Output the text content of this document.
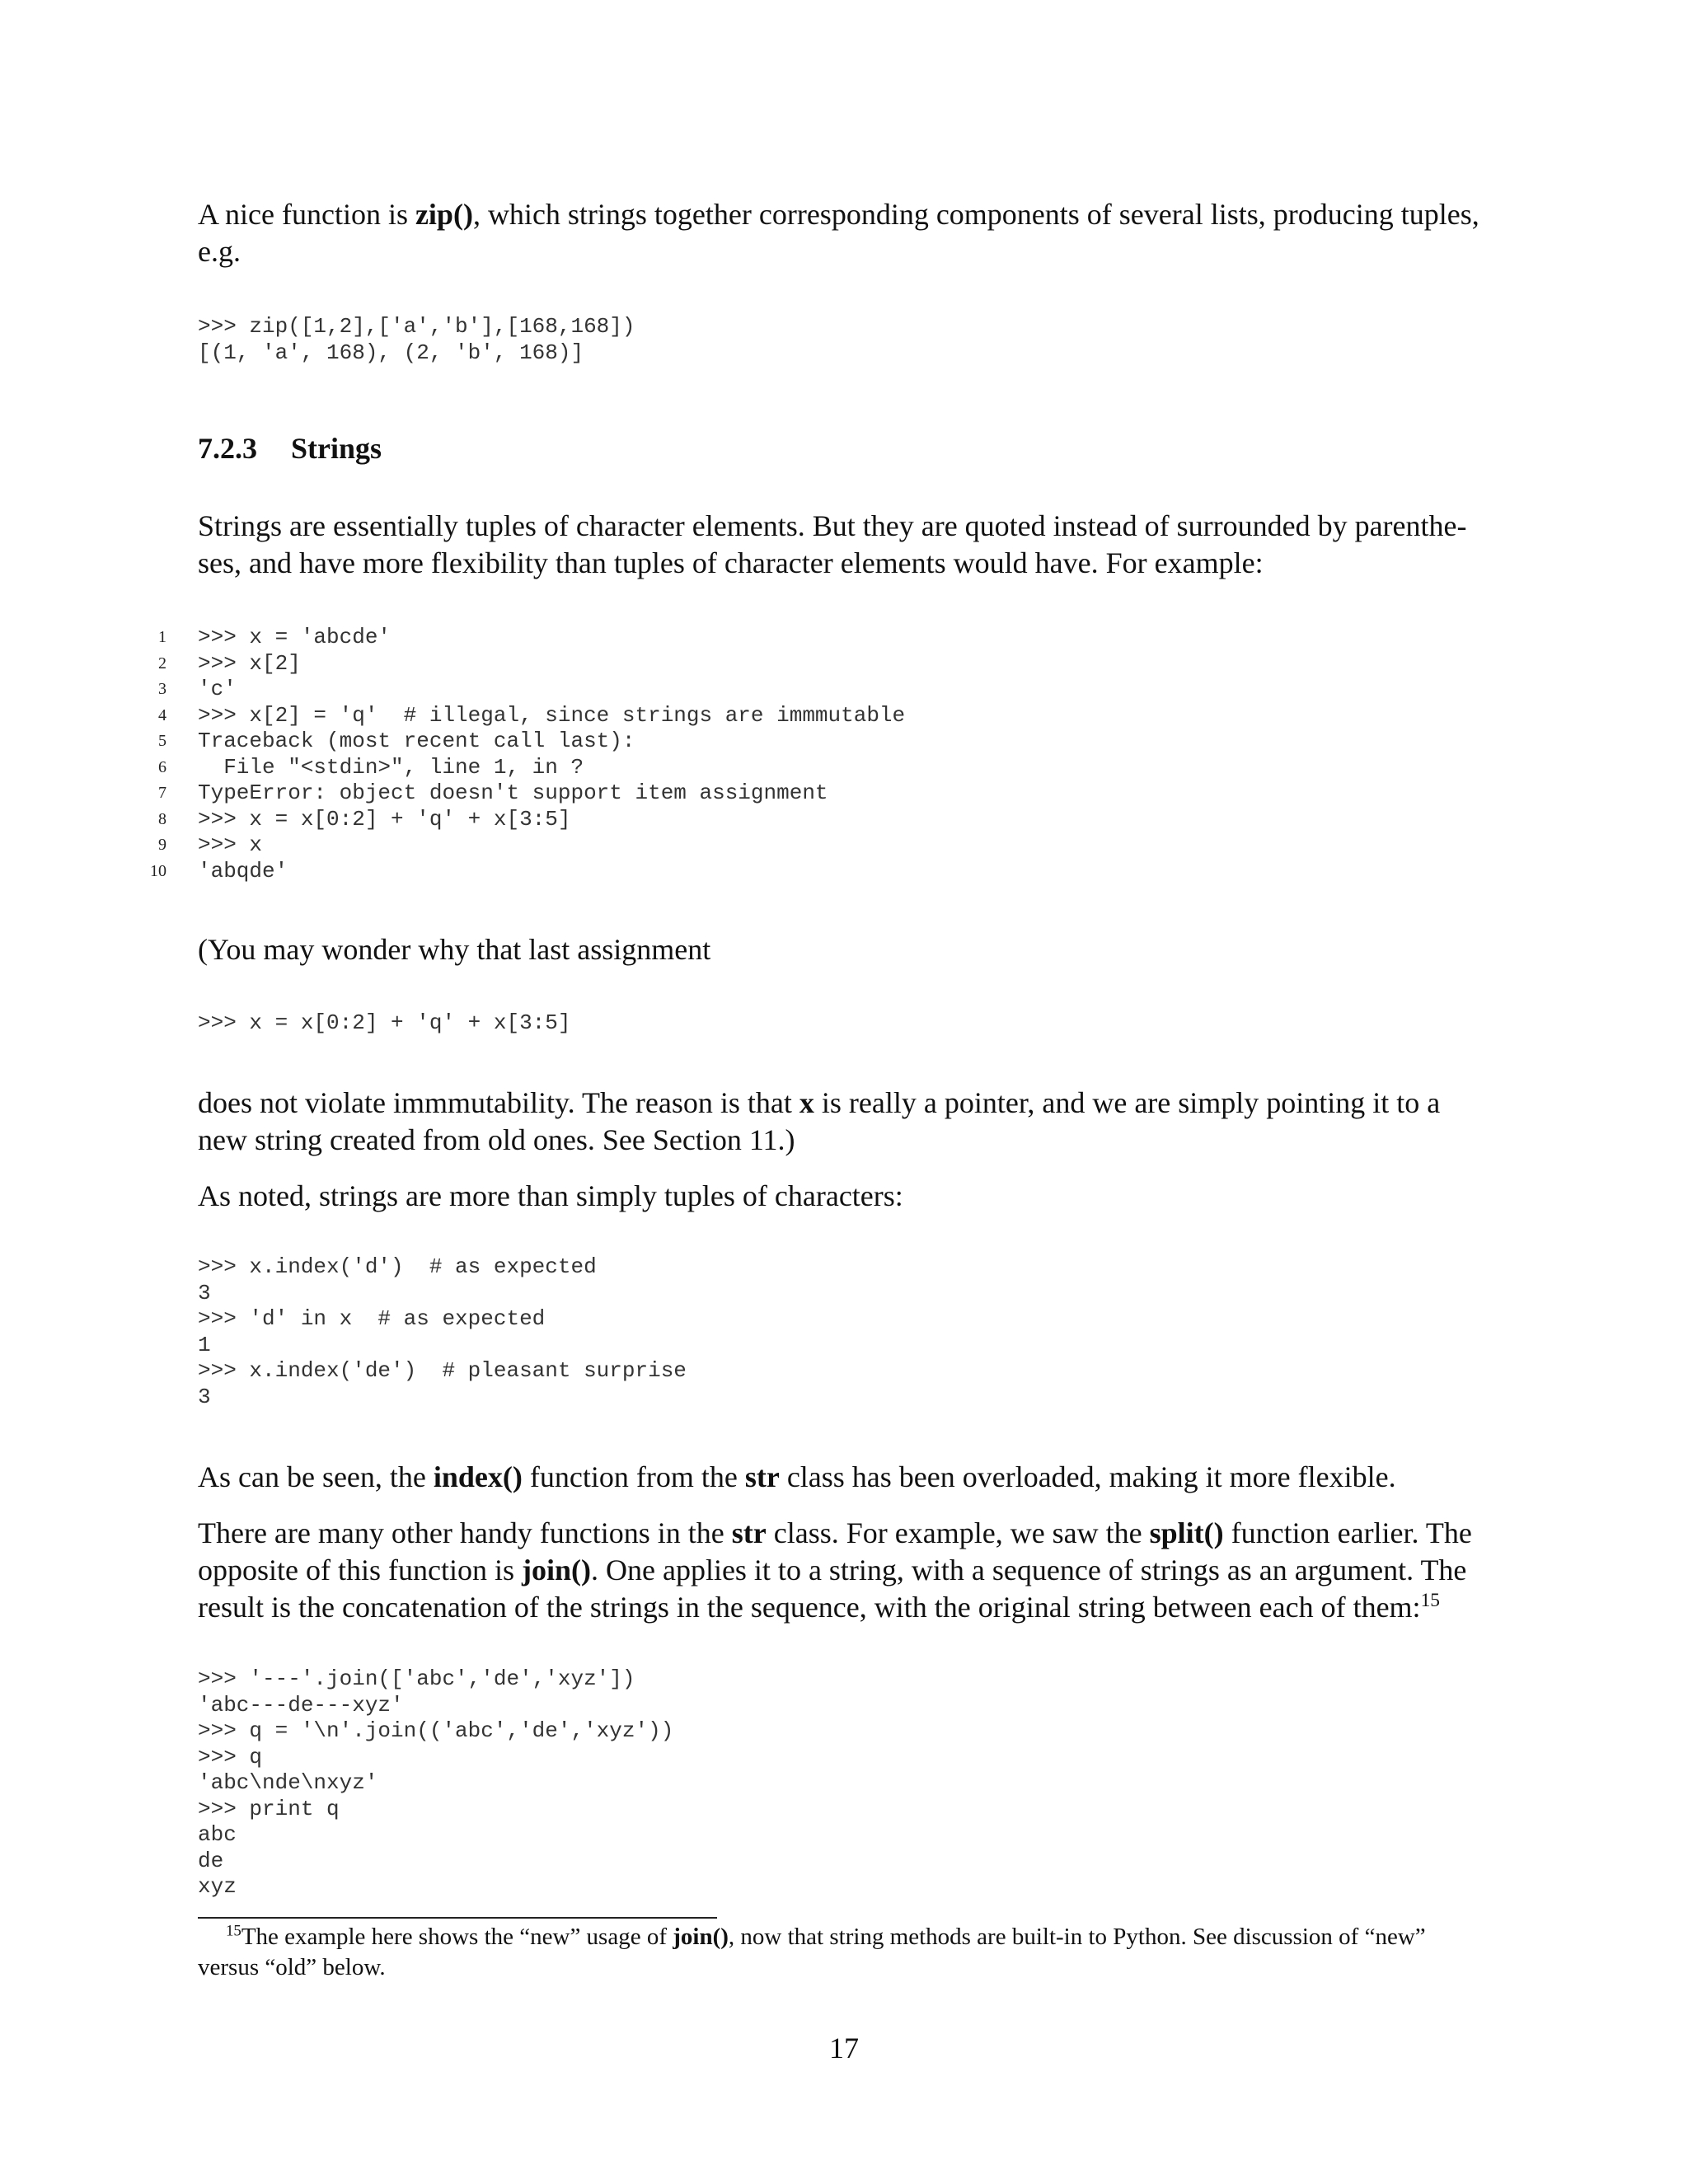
A nice function is zip(), which strings together corresponding components of several lists, producing tuples, e.g.

>>> zip([1,2],['a','b'],[168,168])
[(1, 'a', 168), (2, 'b', 168)]
7.2.3 Strings

Strings are essentially tuples of character elements. But they are quoted instead of surrounded by parenthe-ses, and have more flexibility than tuples of character elements would have. For example:

1
2
3
4
5
6
7
8
9
10
>>> x = 'abcde'
>>> x[2]
'c'
>>> x[2] = 'q'  # illegal, since strings are immmutable
Traceback (most recent call last):
File "<stdin>", line 1, in ?
TypeError: object doesn't support item assignment
>>> x = x[0:2] + 'q' + x[3:5]
>>> x
'abqde'

(You may wonder why that last assignment

>>> x = x[0:2] + 'q' + x[3:5]

does not violate immmutability. The reason is that x is really a pointer, and we are simply pointing it to a new string created from old ones. See Section 11.)

As noted, strings are more than simply tuples of characters:

>>> x.index('d')  # as expected
3
>>> 'd' in x  # as expected
1
>>> x.index('de')  # pleasant surprise
3

As can be seen, the index() function from the str class has been overloaded, making it more flexible.

There are many other handy functions in the str class. For example, we saw the split() function earlier. The opposite of this function is join(). One applies it to a string, with a sequence of strings as an argument. The result is the concatenation of the strings in the sequence, with the original string between each of them:$^{15}$

>>> '---'.join(['abc','de','xyz'])
'abc---de---xyz'
>>> q = '\n'.join(('abc','de','xyz'))
>>> q
'abc\nde\nxyz'
>>> print q
abc
de
xyz

$^{15}$The example here shows the “new” usage of join(), now that string methods are built-in to Python. See discussion of “new” versus “old” below.

17
